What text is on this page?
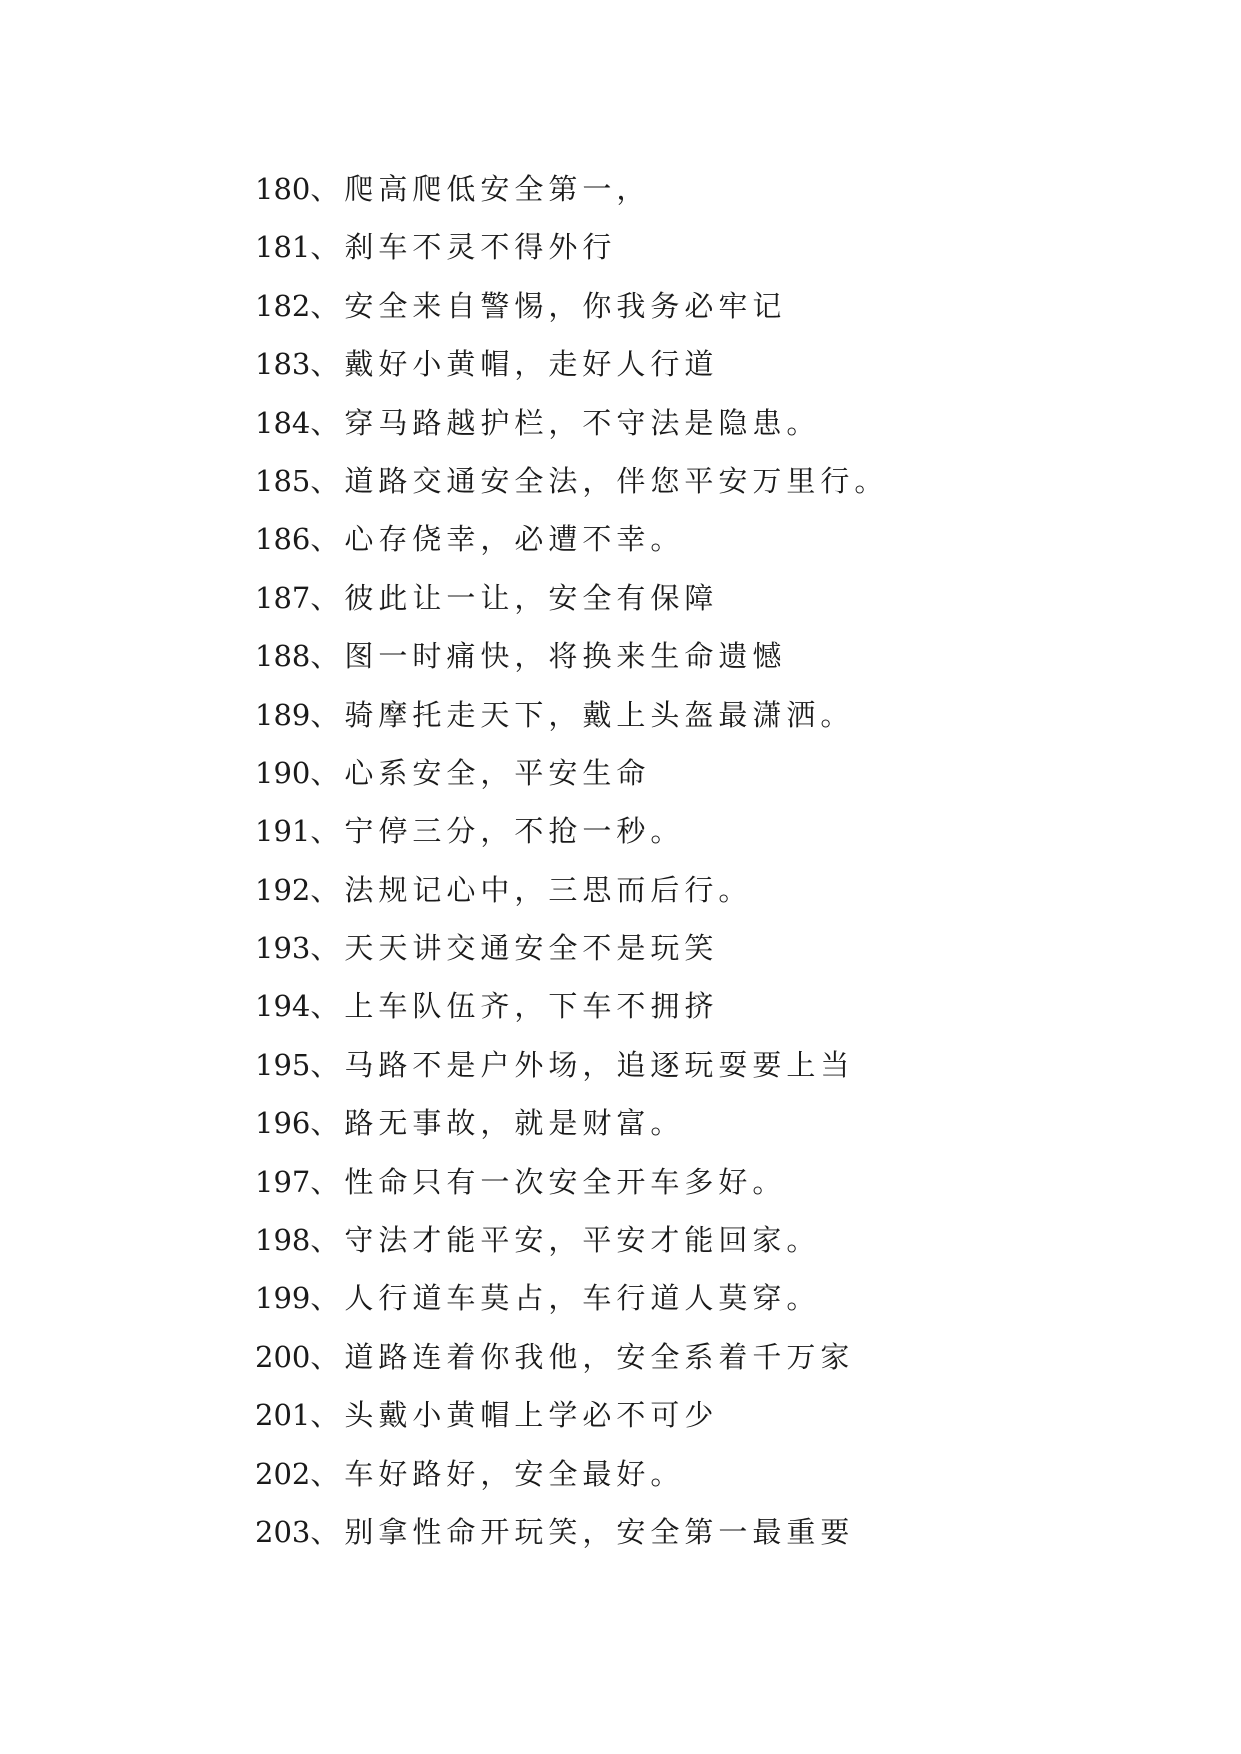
180、爬高爬低安全第一，
181、刹车不灵不得外行
182、安全来自警惕，你我务必牢记
183、戴好小黄帽，走好人行道
184、穿马路越护栏，不守法是隐患。
185、道路交通安全法，伴您平安万里行。
186、心存侥幸，必遭不幸。
187、彼此让一让，安全有保障
188、图一时痛快，将换来生命遗憾
189、骑摩托走天下，戴上头盔最潇洒。
190、心系安全，平安生命
191、宁停三分，不抢一秒。
192、法规记心中，三思而后行。
193、天天讲交通安全不是玩笑
194、上车队伍齐，下车不拥挤
195、马路不是户外场，追逐玩耍要上当
196、路无事故，就是财富。
197、性命只有一次安全开车多好。
198、守法才能平安，平安才能回家。
199、人行道车莫占，车行道人莫穿。
200、道路连着你我他，安全系着千万家
201、头戴小黄帽上学必不可少
202、车好路好，安全最好。
203、别拿性命开玩笑，安全第一最重要
